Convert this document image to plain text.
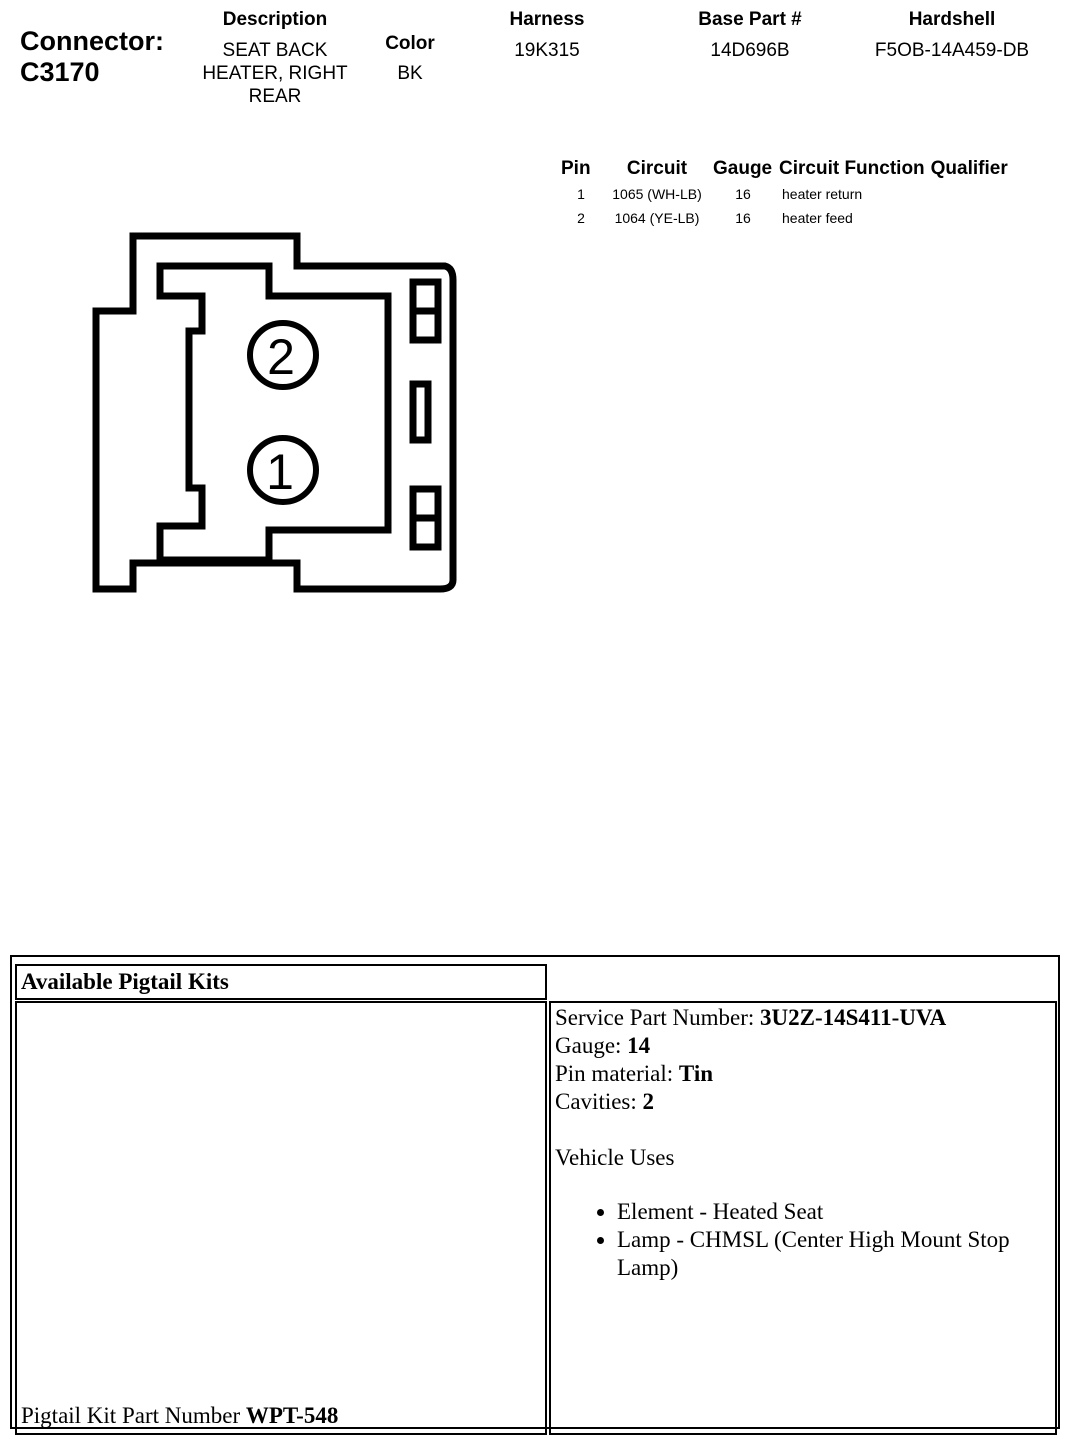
Connector:
C3170
Description
SEAT BACK
HEATER, RIGHT
REAR
Color
BK
Harness
19K315
Base Part #
14D696B
Hardshell
F5OB-14A459-DB
Pin	Circuit	Gauge	Circuit Function	Qualifier
1	1065 (WH-LB)	16	heater return	
2	1064 (YE-LB)	16	heater feed	
2
1
Available Pigtail Kits
Pigtail Kit Part Number WPT-548
Service Part Number: 3U2Z-14S411-UVA
Gauge: 14
Pin material: Tin
Cavities: 2
Vehicle Uses
• Element - Heated Seat
• Lamp - CHMSL (Center High Mount Stop Lamp)
